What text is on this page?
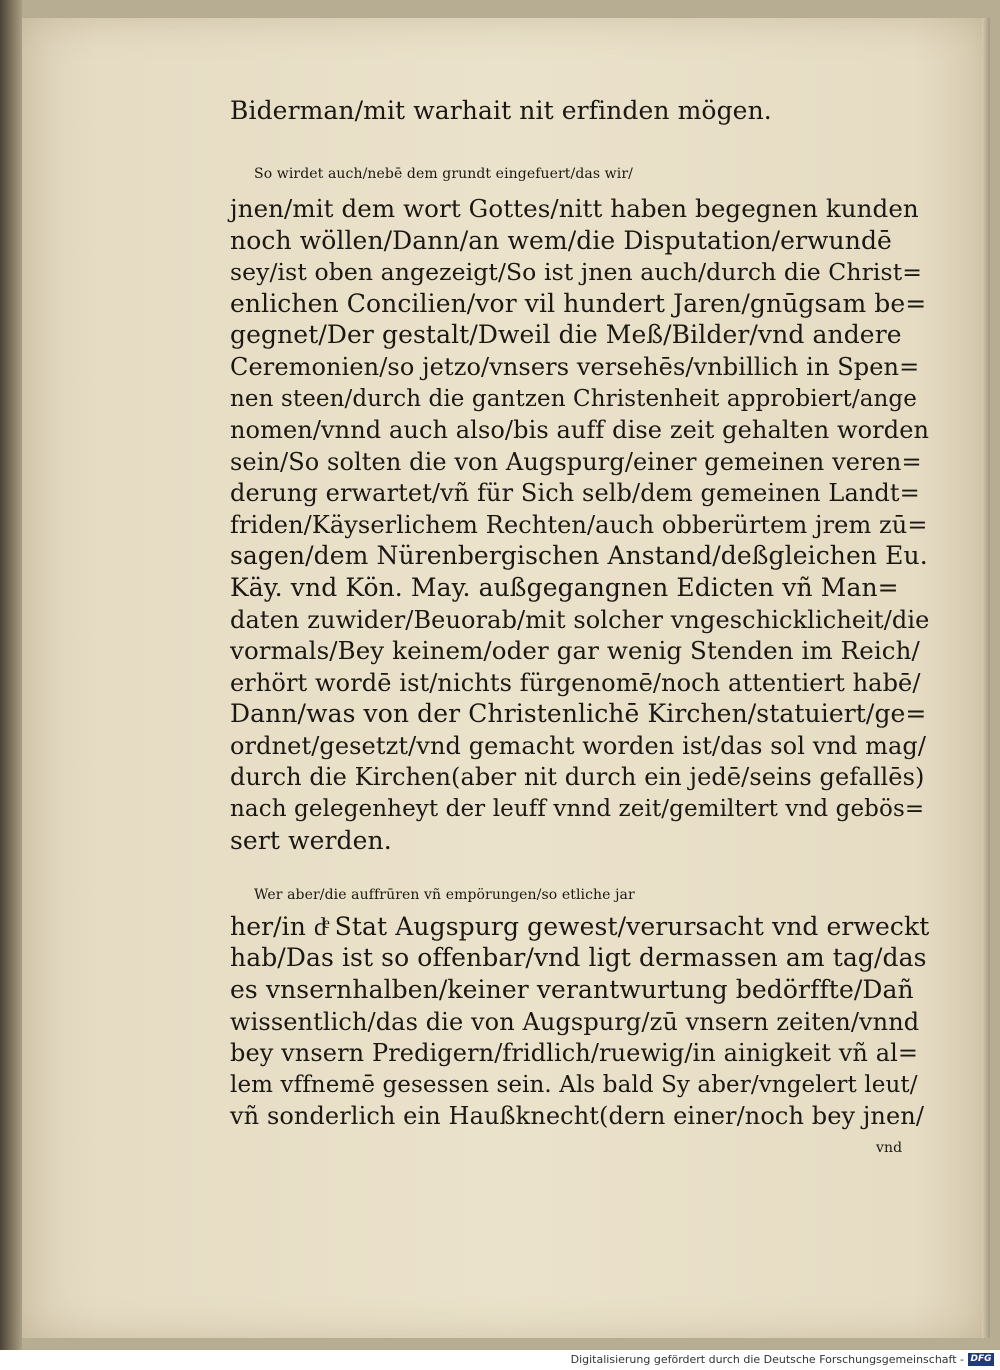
Biderman/mit warhait nit erfinden mögen.
So wirdet auch/nebē dem grundt eingefuert/das wir/
jnen/mit dem wort Gottes/nitt haben begegnen kunden
noch wöllen/Dann/an wem/die Disputation/erwundē
sey/ist oben angezeigt/So ist jnen auch/durch die Christ=
enlichen Concilien/vor vil hundert Jaren/gnūgsam be=
gegnet/Der gestalt/Dweil die Meß/Bilder/vnd andere
Ceremonien/so jetzo/vnsers versehēs/vnbillich in Spen=
nen steen/durch die gantzen Christenheit approbiert/ange
nomen/vnnd auch also/bis auff dise zeit gehalten worden
sein/So solten die von Augspurg/einer gemeinen veren=
derung erwartet/vñ für Sich selb/dem gemeinen Landt=
friden/Käyserlichem Rechten/auch obberürtem jrem zū=
sagen/dem Nürenbergischen Anstand/deßgleichen Eu.
Käy. vnd Kön. May. außgegangnen Edicten vñ Man=
daten zuwider/Beuorab/mit solcher vngeschicklicheit/die
vormals/Bey keinem/oder gar wenig Stenden im Reich/
erhört wordē ist/nichts fürgenomē/noch attentiert habē/
Dann/was von der Christenlichē Kirchen/statuiert/ge=
ordnet/gesetzt/vnd gemacht worden ist/das sol vnd mag/
durch die Kirchen(aber nit durch ein jedē/seins gefallēs)
nach gelegenheyt der leuff vnnd zeit/gemiltert vnd gebös=
sert werden.
Wer aber/die auffrūren vñ empörungen/so etliche jar
her/in dͤ Stat Augspurg gewest/verursacht vnd erweckt
hab/Das ist so offenbar/vnd ligt dermassen am tag/das
es vnsernhalben/keiner verantwurtung bedörffte/Dañ
wissentlich/das die von Augspurg/zū vnsern zeiten/vnnd
bey vnsern Predigern/fridlich/ruewig/in ainigkeit vñ al=
lem vffnemē gesessen sein. Als bald Sy aber/vngelert leut/
vñ sonderlich ein Haußknecht(dern einer/noch bey jnen/
vnd
Digitalisierung gefördert durch die Deutsche Forschungsgemeinschaft - DFG
